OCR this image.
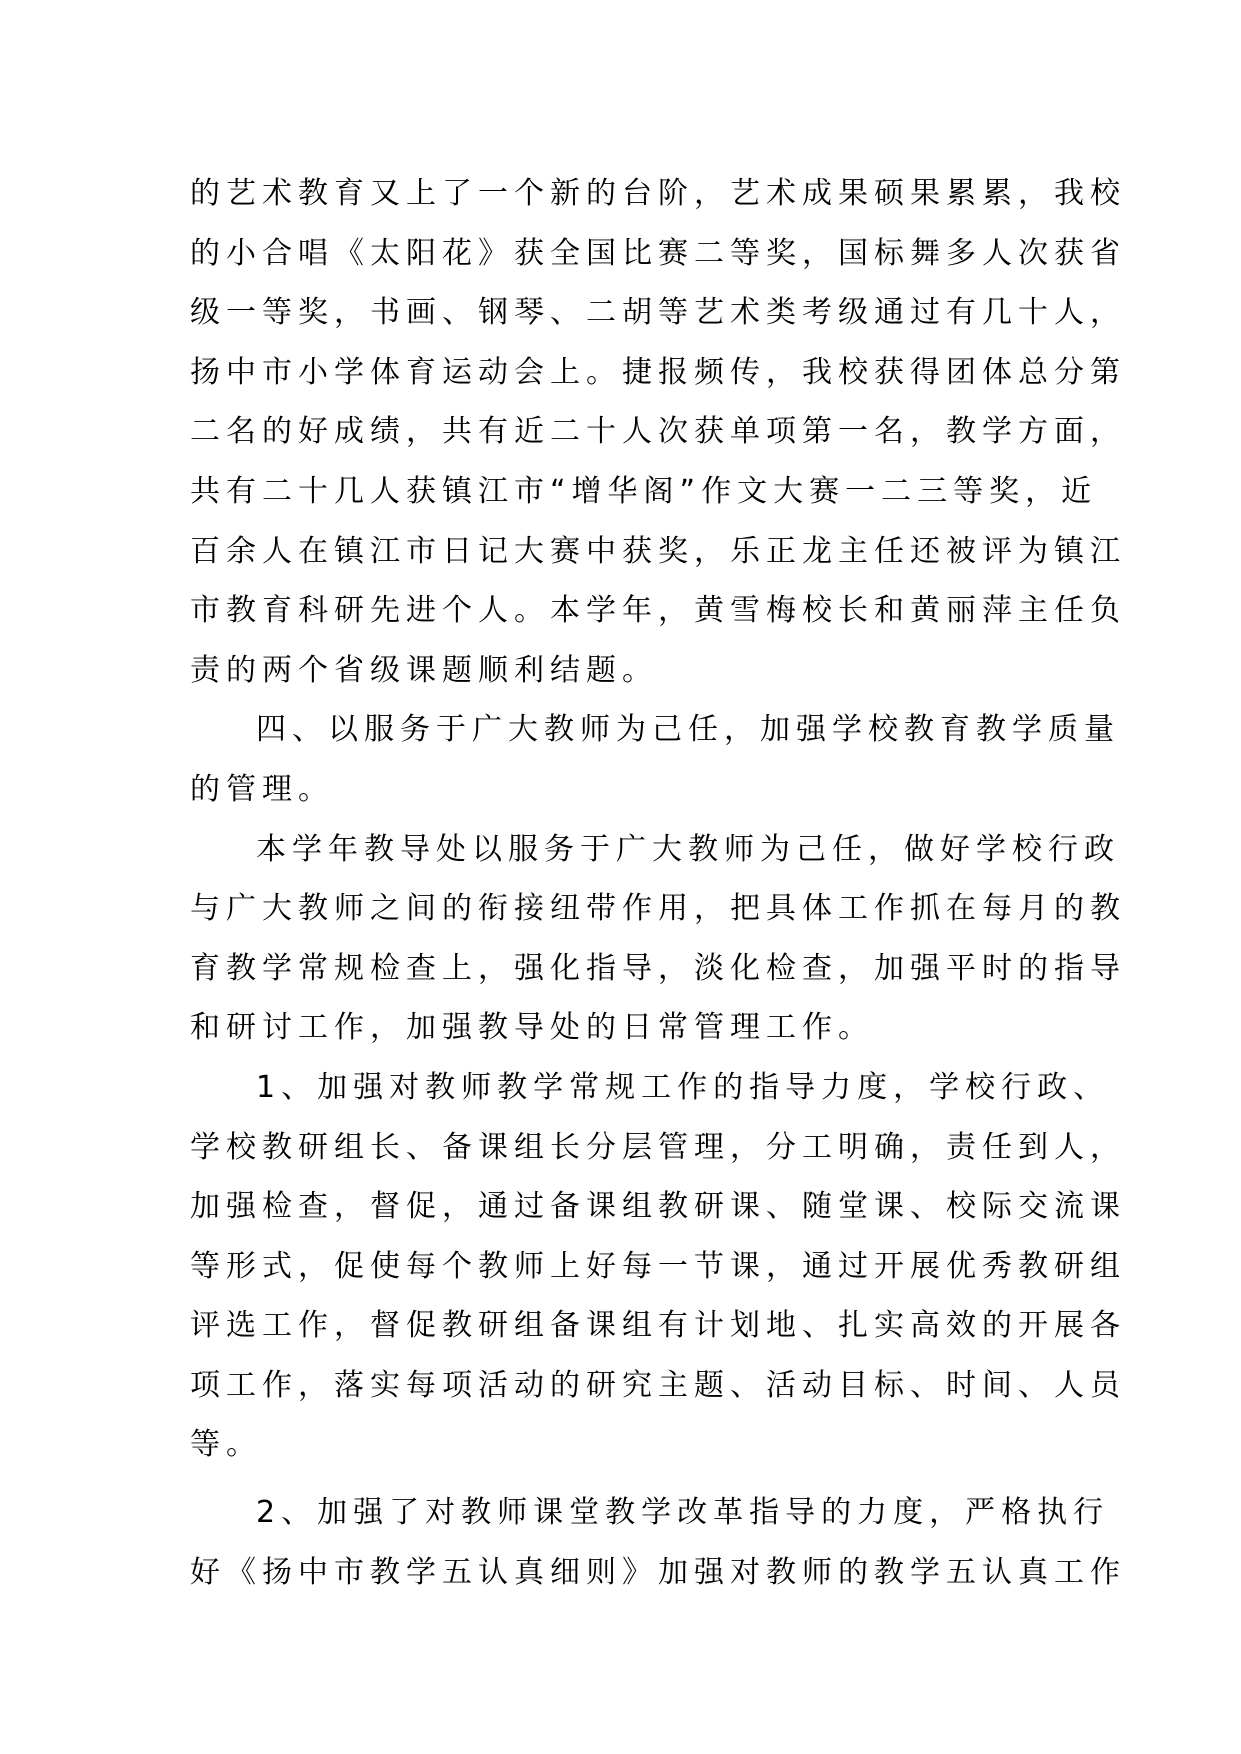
的艺术教育又上了一个新的台阶，艺术成果硕果累累，我校
的小合唱《太阳花》获全国比赛二等奖，国标舞多人次获省
级一等奖，书画、钢琴、二胡等艺术类考级通过有几十人，
扬中市小学体育运动会上。捷报频传，我校获得团体总分第
二名的好成绩，共有近二十人次获单项第一名，教学方面，
共有二十几人获镇江市“增华阁”作文大赛一二三等奖，近
百余人在镇江市日记大赛中获奖，乐正龙主任还被评为镇江
市教育科研先进个人。本学年，黄雪梅校长和黄丽萍主任负
责的两个省级课题顺利结题。
四、以服务于广大教师为己任，加强学校教育教学质量
的管理。
本学年教导处以服务于广大教师为己任，做好学校行政
与广大教师之间的衔接纽带作用，把具体工作抓在每月的教
育教学常规检查上，强化指导，淡化检查，加强平时的指导
和研讨工作，加强教导处的日常管理工作。
1、加强对教师教学常规工作的指导力度，学校行政、
学校教研组长、备课组长分层管理，分工明确，责任到人，
加强检查，督促，通过备课组教研课、随堂课、校际交流课
等形式，促使每个教师上好每一节课，通过开展优秀教研组
评选工作，督促教研组备课组有计划地、扎实高效的开展各
项工作，落实每项活动的研究主题、活动目标、时间、人员
等。
2、加强了对教师课堂教学改革指导的力度，严格执行
好《扬中市教学五认真细则》加强对教师的教学五认真工作
